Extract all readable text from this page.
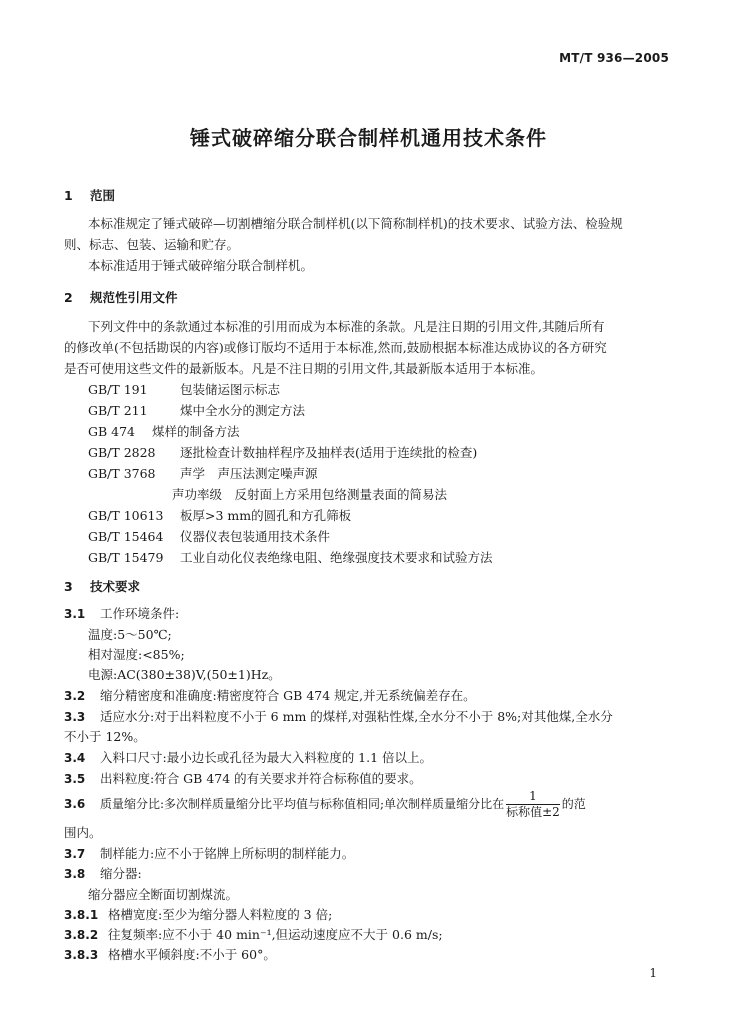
MT/T 936—2005
锤式破碎缩分联合制样机通用技术条件
1 范围
本标准规定了锤式破碎—切割槽缩分联合制样机(以下简称制样机)的技术要求、试验方法、检验规
则、标志、包装、运输和贮存。
本标准适用于锤式破碎缩分联合制样机。
2 规范性引用文件
下列文件中的条款通过本标准的引用而成为本标准的条款。凡是注日期的引用文件,其随后所有
的修改单(不包括勘误的内容)或修订版均不适用于本标准,然而,鼓励根据本标准达成协议的各方研究
是否可使用这些文件的最新版本。凡是不注日期的引用文件,其最新版本适用于本标准。
GB/T 191	包装储运图示标志
GB/T 211	煤中全水分的测定方法
GB 474 煤样的制备方法
GB/T 2828 逐批检查计数抽样程序及抽样表(适用于连续批的检查)
GB/T 3768 声学　声压法测定噪声源
声功率级　反射面上方采用包络测量表面的简易法
GB/T 10613 板厚>3 mm的圆孔和方孔筛板
GB/T 15464 仪器仪表包装通用技术条件
GB/T 15479 工业自动化仪表绝缘电阻、绝缘强度技术要求和试验方法
3 技术要求
3.1 工作环境条件:
温度:5～50℃;
相对湿度:<85%;
电源:AC(380±38)V,(50±1)Hz。
3.2 缩分精密度和准确度:精密度符合 GB 474 规定,并无系统偏差存在。
3.3 适应水分:对于出料粒度不小于 6 mm 的煤样,对强粘性煤,全水分不小于 8%;对其他煤,全水分
不小于 12%。
3.4 入料口尺寸:最小边长或孔径为最大入料粒度的 1.1 倍以上。
3.5 出料粒度:符合 GB 474 的有关要求并符合标称值的要求。
3.6 质量缩分比:多次制样质量缩分比平均值与标称值相同;单次制样质量缩分比在 $\frac{1}{\text{标称值±2}}$ 的范
围内。
3.7 制样能力:应不小于铭牌上所标明的制样能力。
3.8 缩分器:
缩分器应全断面切割煤流。
3.8.1 格槽宽度:至少为缩分器人料粒度的 3 倍;
3.8.2 往复频率:应不小于 40 min⁻¹,但运动速度应不大于 0.6 m/s;
3.8.3 格槽水平倾斜度:不小于 60°。
1
